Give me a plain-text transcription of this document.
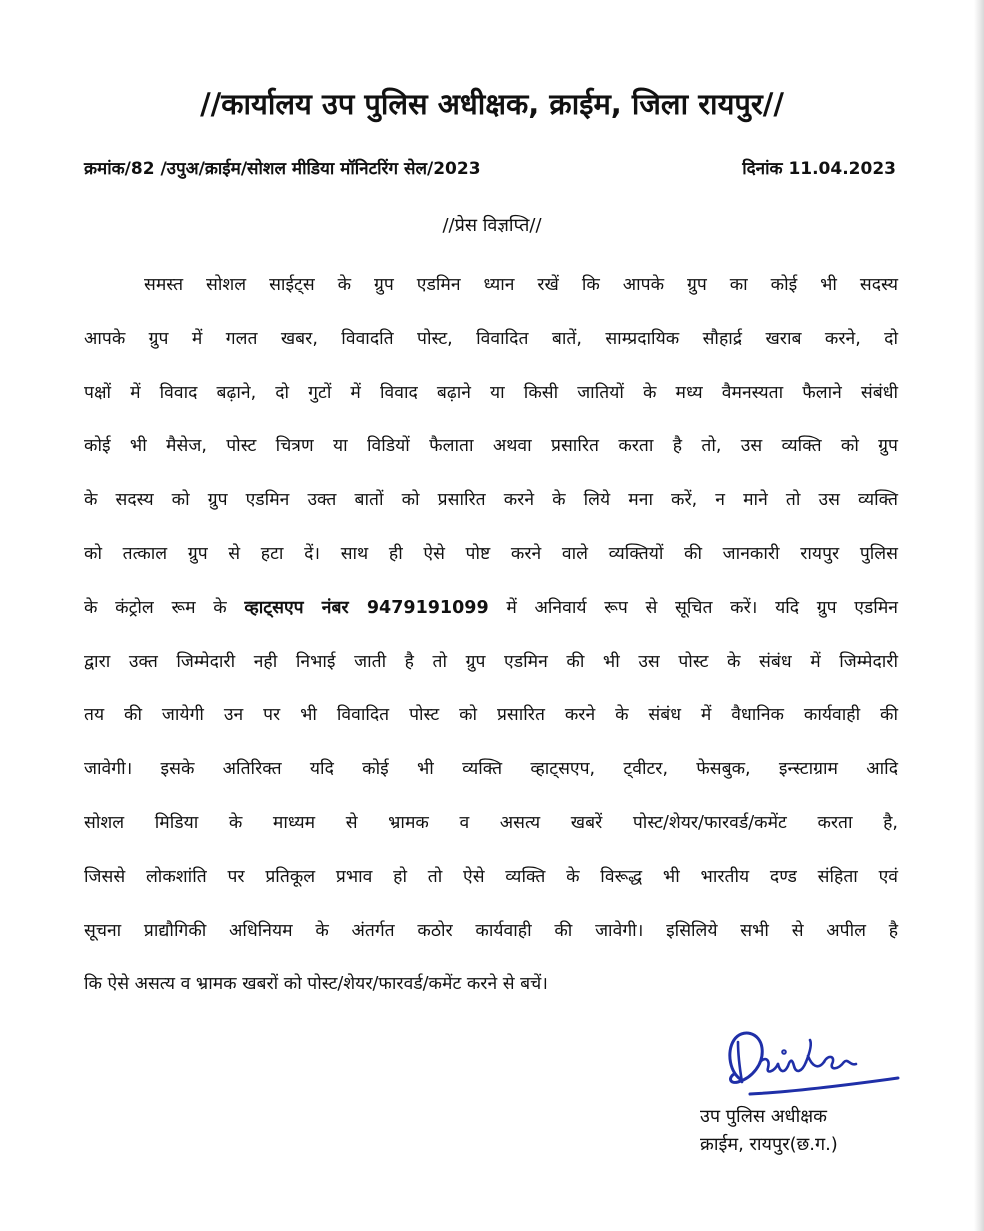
//कार्यालय उप पुलिस अधीक्षक, क्राईम, जिला रायपुर//
क्रमांक/82 /उपुअ/क्राईम/सोशल मीडिया मॉनिटरिंग सेल/2023	दिनांक 11.04.2023
//प्रेस विज्ञप्ति//
समस्त सोशल साईट्स के ग्रुप एडमिन ध्यान रखें कि आपके ग्रुप का कोई भी सदस्य
आपके ग्रुप में गलत खबर, विवादति पोस्ट, विवादित बातें, साम्प्रदायिक सौहार्द्र खराब करने, दो
पक्षों में विवाद बढ़ाने, दो गुटों में विवाद बढ़ाने या किसी जातियों के मध्य वैमनस्यता फैलाने संबंधी
कोई भी मैसेज, पोस्ट चित्रण या विडियों फैलाता अथवा प्रसारित करता है तो, उस व्यक्ति को ग्रुप
के सदस्य को ग्रुप एडमिन उक्त बातों को प्रसारित करने के लिये मना करें, न माने तो उस व्यक्ति
को तत्काल ग्रुप से हटा दें। साथ ही ऐसे पोष्ट करने वाले व्यक्तियों की जानकारी रायपुर पुलिस
के कंट्रोल रूम के व्हाट्सएप नंबर 9479191099 में अनिवार्य रूप से सूचित करें। यदि ग्रुप एडमिन
द्वारा उक्त जिम्मेदारी नही निभाई जाती है तो ग्रुप एडमिन की भी उस पोस्ट के संबंध में जिम्मेदारी
तय की जायेगी उन पर भी विवादित पोस्ट को प्रसारित करने के संबंध में वैधानिक कार्यवाही की
जावेगी। इसके अतिरिक्त यदि कोई भी व्यक्ति व्हाट्सएप, ट्वीटर, फेसबुक, इन्स्टाग्राम आदि
सोशल मिडिया के माध्यम से भ्रामक व असत्य खबरें पोस्ट/शेयर/फारवर्ड/कमेंट करता है,
जिससे लोकशांति पर प्रतिकूल प्रभाव हो तो ऐसे व्यक्ति के विरूद्ध भी भारतीय दण्ड संहिता एवं
सूचना प्राद्यौगिकी अधिनियम के अंतर्गत कठोर कार्यवाही की जावेगी। इसिलिये सभी से अपील है
कि ऐसे असत्य व भ्रामक खबरों को पोस्ट/शेयर/फारवर्ड/कमेंट करने से बचें।
उप पुलिस अधीक्षक
क्राईम, रायपुर(छ.ग.)
